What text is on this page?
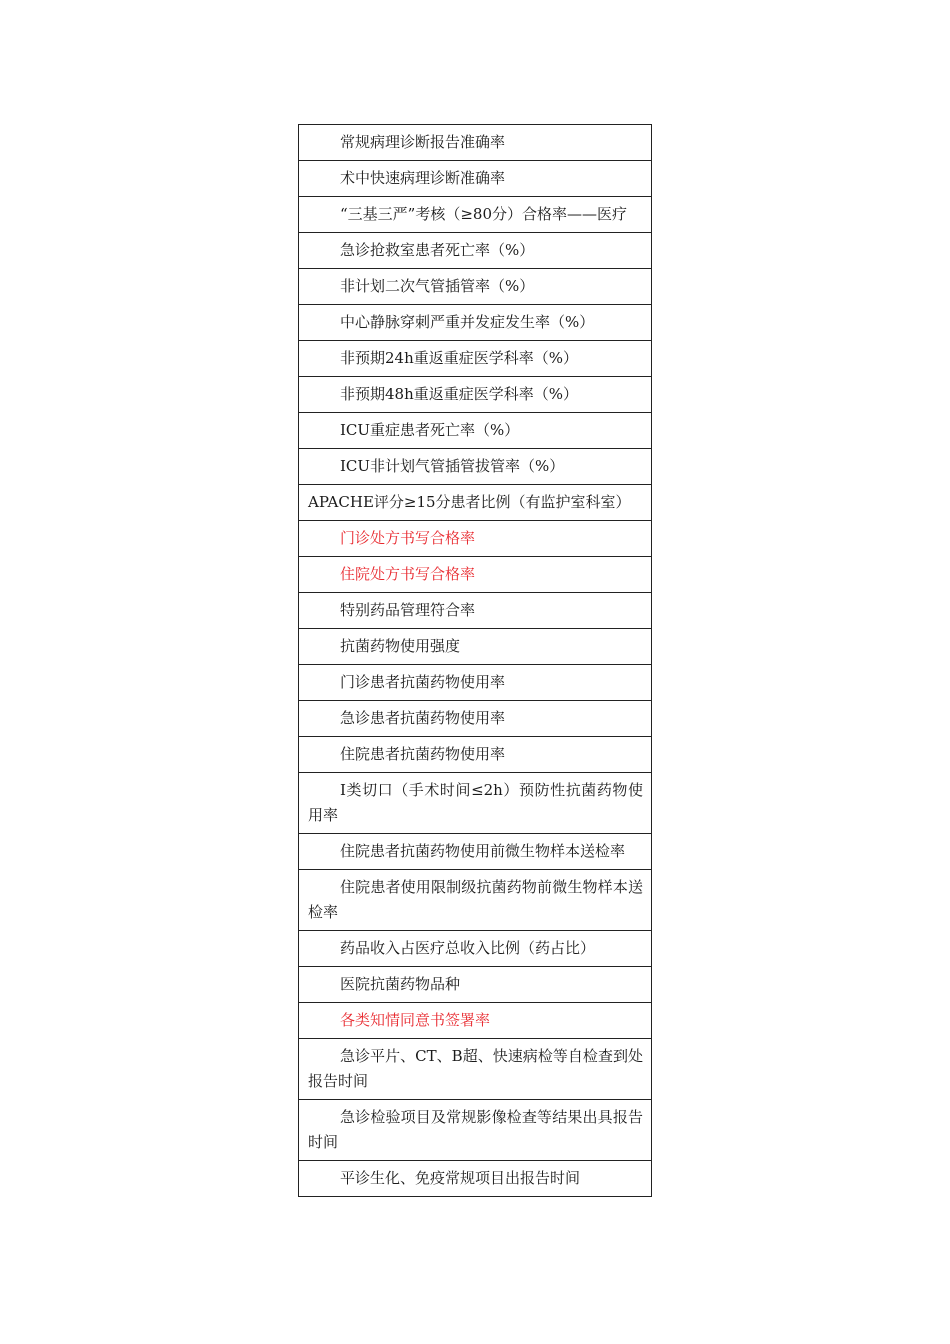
常规病理诊断报告准确率
术中快速病理诊断准确率
“三基三严”考核（≥80分）合格率——医疗
急诊抢救室患者死亡率（%）
非计划二次气管插管率（%）
中心静脉穿刺严重并发症发生率（%）
非预期24h重返重症医学科率（%）
非预期48h重返重症医学科率（%）
ICU重症患者死亡率（%）
ICU非计划气管插管拔管率（%）
APACHE评分≥15分患者比例（有监护室科室）
门诊处方书写合格率
住院处方书写合格率
特别药品管理符合率
抗菌药物使用强度
门诊患者抗菌药物使用率
急诊患者抗菌药物使用率
住院患者抗菌药物使用率
Ⅰ类切口（手术时间≤2h）预防性抗菌药物使用率
住院患者抗菌药物使用前微生物样本送检率
住院患者使用限制级抗菌药物前微生物样本送检率
药品收入占医疗总收入比例（药占比）
医院抗菌药物品种
各类知情同意书签署率
急诊平片、CT、B超、快速病检等自检查到处报告时间
急诊检验项目及常规影像检查等结果出具报告时间
平诊生化、免疫常规项目出报告时间
